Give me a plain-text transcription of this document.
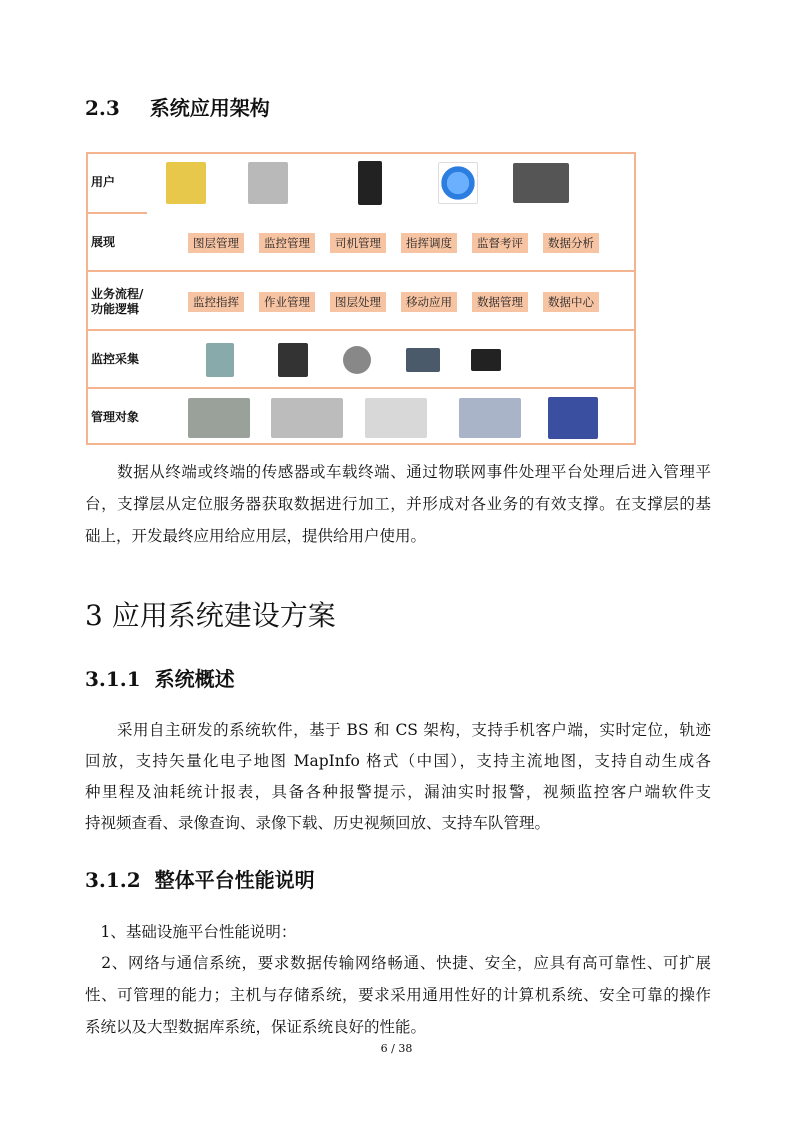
2.3 系统应用架构
用户
展现	图层管理	监控管理	司机管理	指挥调度	监督考评	数据分析
业务流程/
功能逻辑	监控指挥	作业管理	图层处理	移动应用	数据管理	数据中心
监控采集
管理对象
　　数据从终端或终端的传感器或车载终端、通过物联网事件处理平台处理后进入管理平
台，支撑层从定位服务器获取数据进行加工，并形成对各业务的有效支撑。在支撑层的基
础上，开发最终应用给应用层，提供给用户使用。
3 应用系统建设方案
3.1.1 系统概述
　　采用自主研发的系统软件，基于 BS 和 CS 架构，支持手机客户端，实时定位，轨迹
回放，支持矢量化电子地图 MapInfo 格式（中国），支持主流地图，支持自动生成各
种里程及油耗统计报表，具备各种报警提示，漏油实时报警，视频监控客户端软件支
持视频查看、录像查询、录像下载、历史视频回放、支持车队管理。
3.1.2 整体平台性能说明
　1、基础设施平台性能说明：
　2、网络与通信系统，要求数据传输网络畅通、快捷、安全，应具有高可靠性、可扩展
性、可管理的能力；主机与存储系统，要求采用通用性好的计算机系统、安全可靠的操作
系统以及大型数据库系统，保证系统良好的性能。
6 / 38
